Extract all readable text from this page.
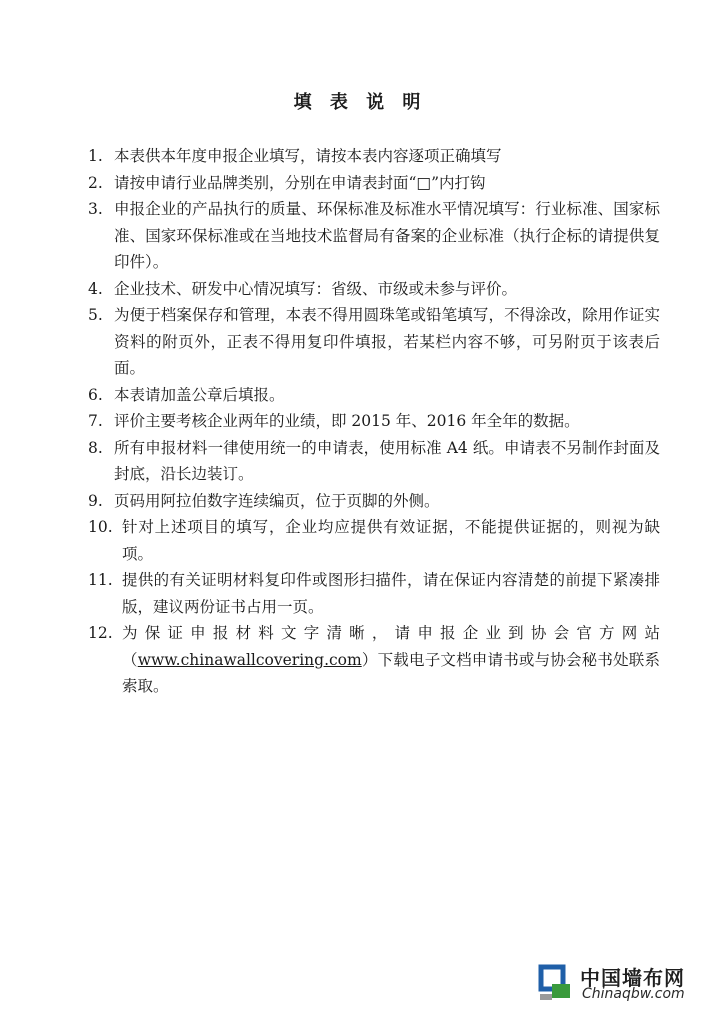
填 表 说 明
1. 本表供本年度申报企业填写，请按本表内容逐项正确填写
2. 请按申请行业品牌类别，分别在申请表封面“□”内打钩
3. 申报企业的产品执行的质量、环保标准及标准水平情况填写：行业标准、国家标准、国家环保标准或在当地技术监督局有备案的企业标准（执行企标的请提供复印件）。
4. 企业技术、研发中心情况填写：省级、市级或未参与评价。
5. 为便于档案保存和管理，本表不得用圆珠笔或铅笔填写，不得涂改，除用作证实资料的附页外，正表不得用复印件填报，若某栏内容不够，可另附页于该表后面。
6. 本表请加盖公章后填报。
7. 评价主要考核企业两年的业绩，即 2015 年、2016 年全年的数据。
8. 所有申报材料一律使用统一的申请表，使用标准 A4 纸。申请表不另制作封面及封底，沿长边装订。
9. 页码用阿拉伯数字连续编页，位于页脚的外侧。
10. 针对上述项目的填写，企业均应提供有效证据，不能提供证据的，则视为缺项。
11. 提供的有关证明材料复印件或图形扫描件，请在保证内容清楚的前提下紧凑排版，建议两份证书占用一页。
12. 为保证申报材料文字清晰，请申报企业到协会官方网站（www.chinawallcovering.com）下载电子文档申请书或与协会秘书处联系索取。
中国墙布网
Chinaqbw.com
